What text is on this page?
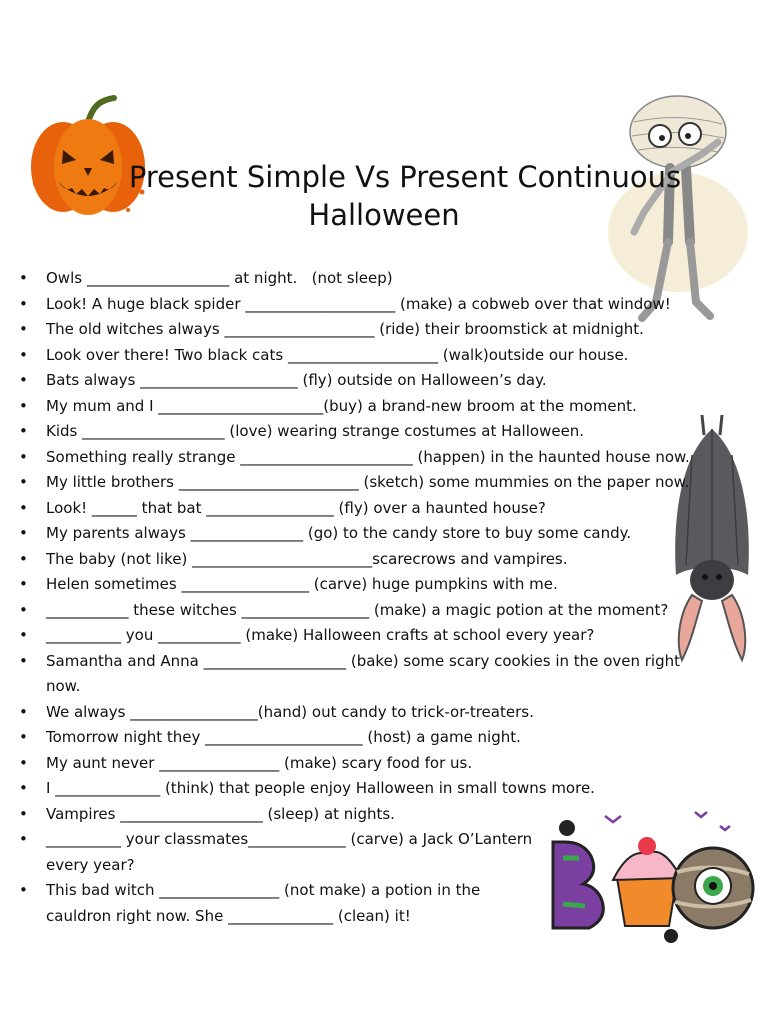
Present Simple Vs Present Continuous
Halloween
• Owls ___________________ at night.   (not sleep)
• Look! A huge black spider ____________________ (make) a cobweb over that window!
• The old witches always ____________________ (ride) their broomstick at midnight.
• Look over there! Two black cats ____________________ (walk)outside our house.
• Bats always _____________________ (fly) outside on Halloween’s day.
• My mum and I ______________________(buy) a brand-new broom at the moment.
• Kids ___________________ (love) wearing strange costumes at Halloween.
• Something really strange _______________________ (happen) in the haunted house now.
• My little brothers ________________________ (sketch) some mummies on the paper now.
• Look! ______ that bat _________________ (fly) over a haunted house?
• My parents always _______________ (go) to the candy store to buy some candy.
• The baby (not like) ________________________scarecrows and vampires.
• Helen sometimes _________________ (carve) huge pumpkins with me.
• ___________ these witches _________________ (make) a magic potion at the moment?
• __________ you ___________ (make) Halloween crafts at school every year?
• Samantha and Anna ___________________ (bake) some scary cookies in the oven right
now.
• We always _________________(hand) out candy to trick-or-treaters.
• Tomorrow night they _____________________ (host) a game night.
• My aunt never ________________ (make) scary food for us.
• I ______________ (think) that people enjoy Halloween in small towns more.
• Vampires ___________________ (sleep) at nights.
• __________ your classmates_____________ (carve) a Jack O’Lantern
every year?
• This bad witch ________________ (not make) a potion in the
cauldron right now. She ______________ (clean) it!
